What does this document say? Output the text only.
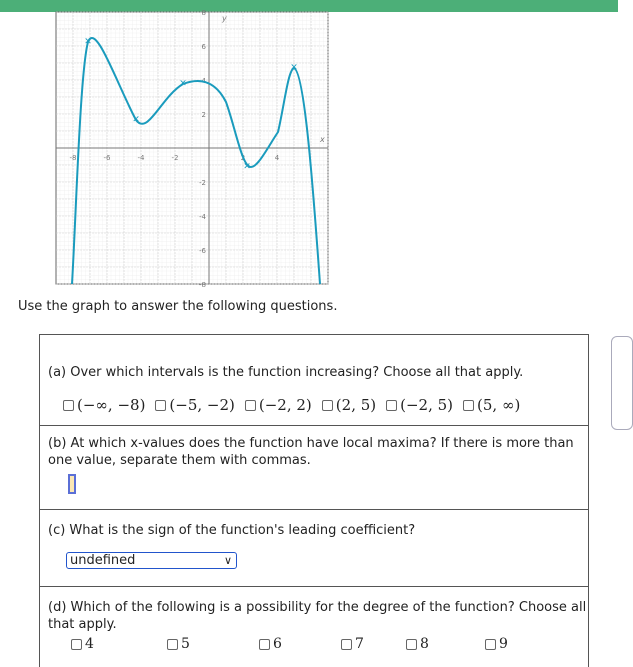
-8	-6	-4	-2	2	4
8
6
4
2
-2
-4
-6
-8
x
y
✕
✕
✕
✕
✕
Use the graph to answer the following questions.
(a) Over which intervals is the function increasing? Choose all that apply.
(−∞, −8) (−5, −2) (−2, 2) (2, 5) (−2, 5) (5, ∞)
(b) At which x-values does the function have local maxima? If there is more than
one value, separate them with commas.
(c) What is the sign of the function's leading coefficient?
undefined	∨
(d) Which of the following is a possibility for the degree of the function? Choose all
that apply.
4	5	6	7	8	9
